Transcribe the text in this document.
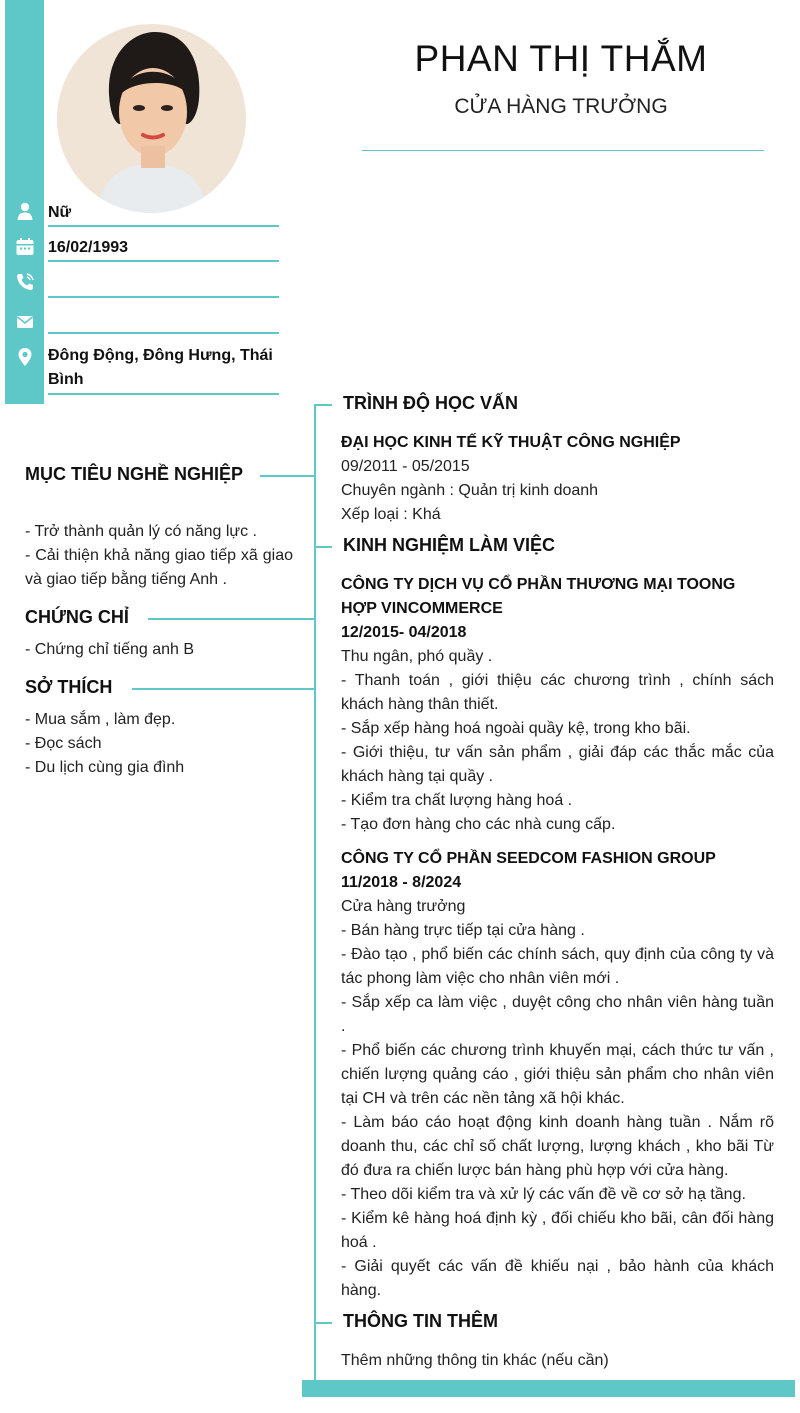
Nữ
16/02/1993
Đông Động, Đông Hưng, Thái Bình
PHAN THỊ THẮM
CỬA HÀNG TRƯỞNG
MỤC TIÊU NGHỀ NGHIỆP

- Trở thành quản lý có năng lực .

- Cải thiện khả năng giao tiếp xã giao và giao tiếp bằng tiếng Anh .

CHỨNG CHỈ

- Chứng chỉ tiếng anh B

SỞ THÍCH

- Mua sắm , làm đẹp.

- Đọc sách

- Du lịch cùng gia đình

TRÌNH ĐỘ HỌC VẤN
ĐẠI HỌC KINH TẾ KỸ THUẬT CÔNG NGHIỆP
09/2011 - 05/2015
Chuyên ngành : Quản trị kinh doanh
Xếp loại : Khá
KINH NGHIỆM LÀM VIỆC
CÔNG TY DỊCH VỤ CỔ PHẦN THƯƠNG MẠI TOONG HỢP VINCOMMERCE
12/2015- 04/2018
Thu ngân, phó quầy .

- Thanh toán , giới thiệu các chương trình , chính sách khách hàng thân thiết.

- Sắp xếp hàng hoá ngoài quầy kệ, trong kho bãi.

- Giới thiệu, tư vấn sản phẩm , giải đáp các thắc mắc của khách hàng tại quầy .

- Kiểm tra chất lượng hàng hoá .

- Tạo đơn hàng cho các nhà cung cấp.

CÔNG TY CỔ PHẦN SEEDCOM FASHION GROUP
11/2018 - 8/2024
Cửa hàng trưởng

- Bán hàng trực tiếp tại cửa hàng .

- Đào tạo , phổ biến các chính sách, quy định của công ty và tác phong làm việc cho nhân viên mới .

- Sắp xếp ca làm việc , duyệt công cho nhân viên hàng tuần .

- Phổ biến các chương trình khuyến mại, cách thức tư vấn , chiến lượng quảng cáo , giới thiệu sản phẩm cho nhân viên tại CH và trên các nền tảng xã hội khác.

- Làm báo cáo hoạt động kinh doanh hàng tuần . Nắm rõ doanh thu, các chỉ số chất lượng, lượng khách , kho bãi Từ đó đưa ra chiến lược bán hàng phù hợp với cửa hàng.

- Theo dõi kiểm tra và xử lý các vấn đề về cơ sở hạ tầng.

- Kiểm kê hàng hoá định kỳ , đối chiếu kho bãi, cân đối hàng hoá .

- Giải quyết các vấn đề khiếu nại , bảo hành của khách hàng.

THÔNG TIN THÊM
Thêm những thông tin khác (nếu cần)
